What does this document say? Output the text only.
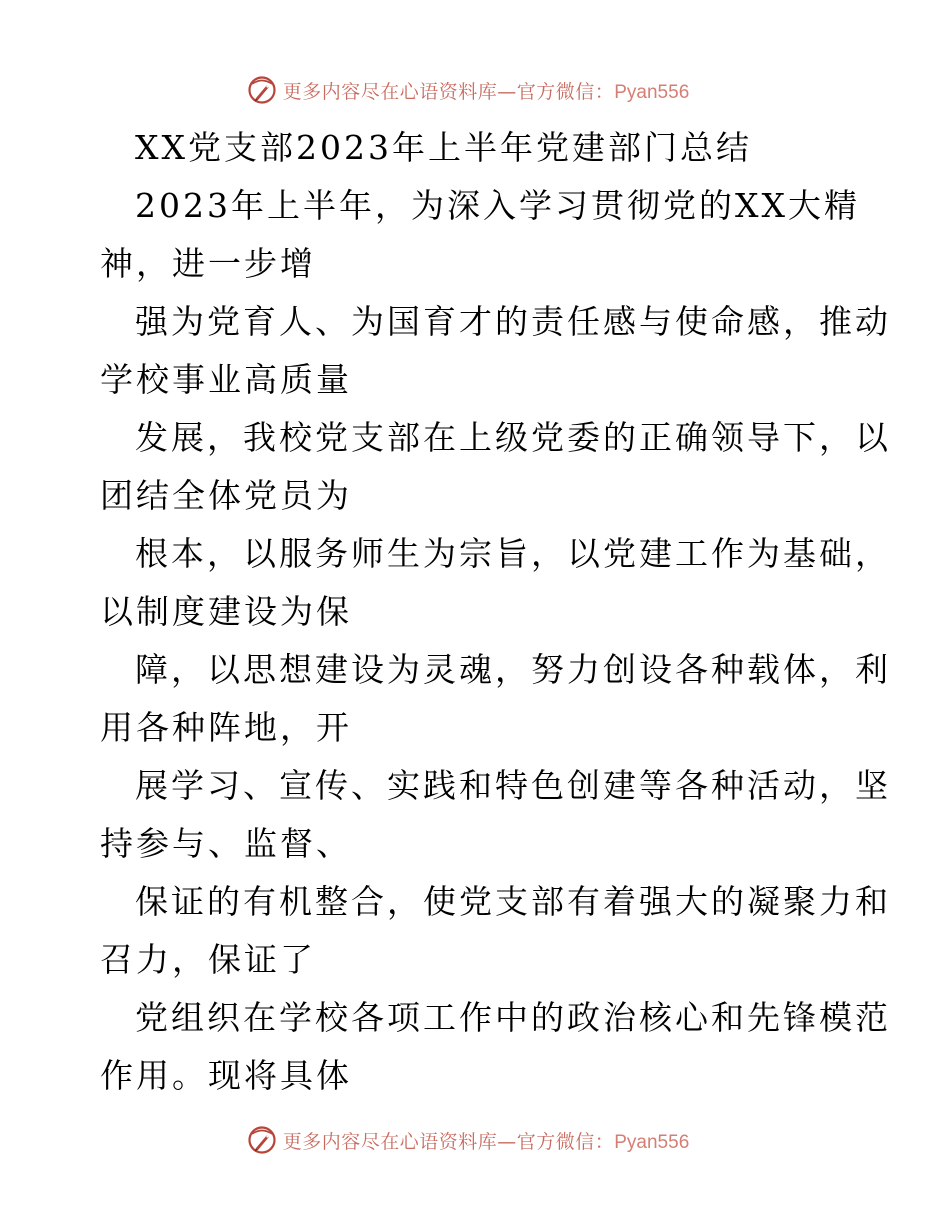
更多内容尽在心语资料库—官方微信：Pyan556
XX党支部2023年上半年党建部门总结
2023年上半年，为深入学习贯彻党的XX大精
神，进一步增
强为党育人、为国育才的责任感与使命感，推动
学校事业高质量
发展，我校党支部在上级党委的正确领导下，以
团结全体党员为
根本，以服务师生为宗旨，以党建工作为基础，
以制度建设为保
障，以思想建设为灵魂，努力创设各种载体，利
用各种阵地，开
展学习、宣传、实践和特色创建等各种活动，坚
持参与、监督、
保证的有机整合，使党支部有着强大的凝聚力和
召力，保证了
党组织在学校各项工作中的政治核心和先锋模范
作用。现将具体
更多内容尽在心语资料库—官方微信：Pyan556
